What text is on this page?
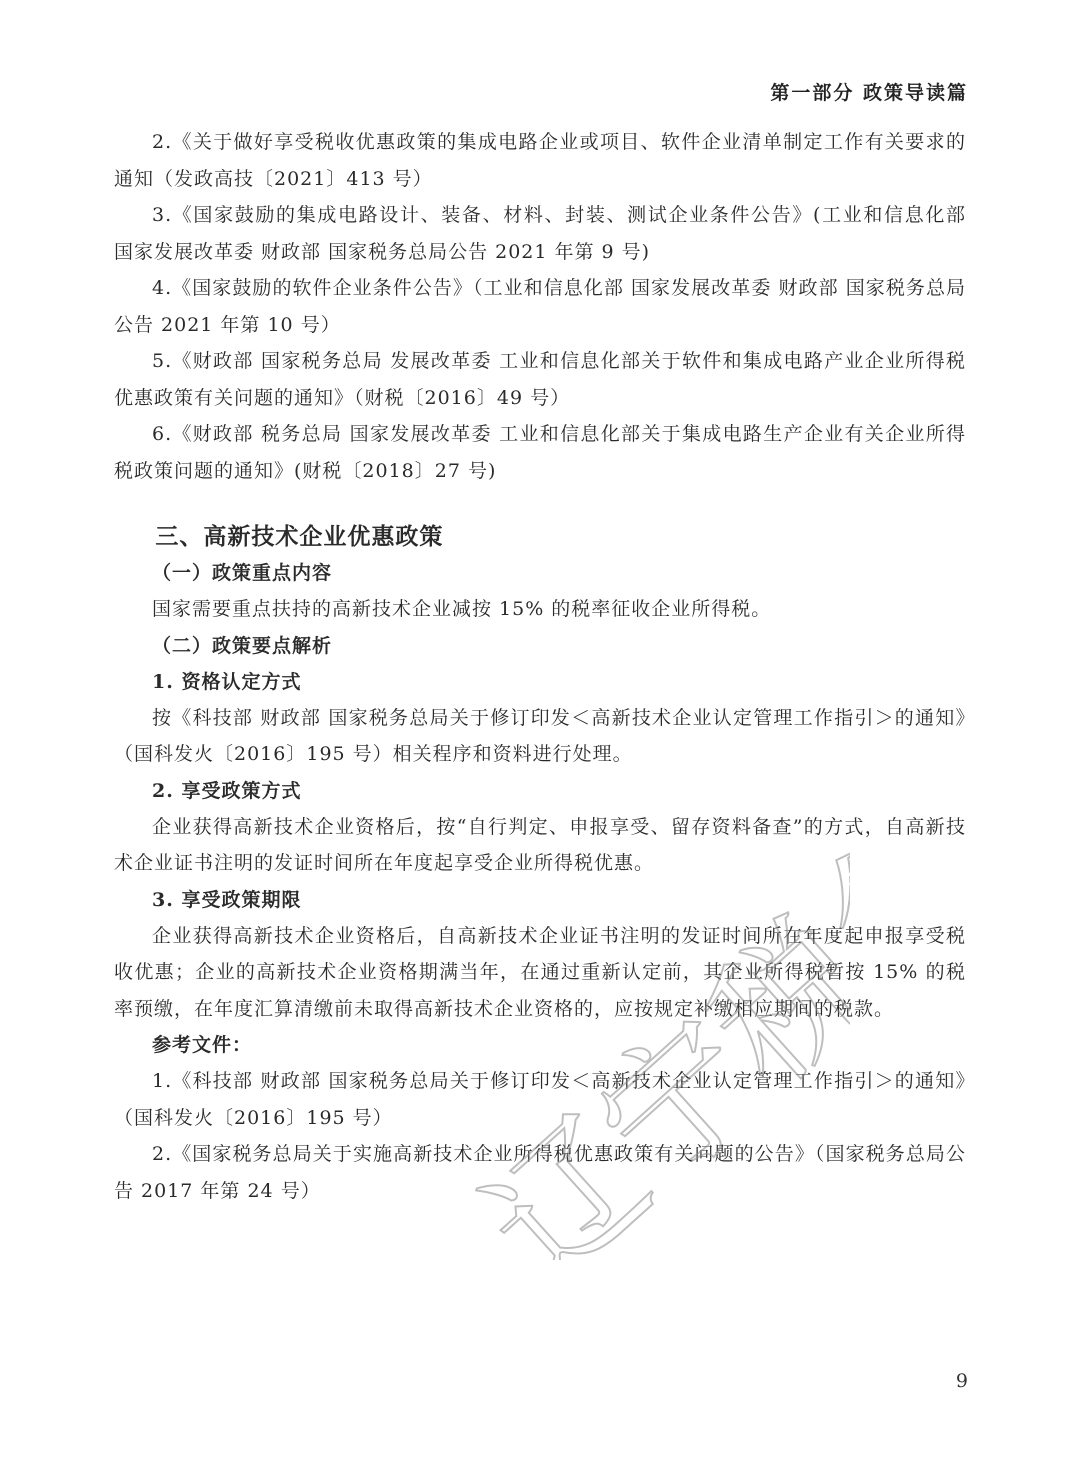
第一部分 政策导读篇

2.《关于做好享受税收优惠政策的集成电路企业或项目、软件企业清单制定工作有关要求的通知（发政高技〔2021〕413 号）

3.《国家鼓励的集成电路设计、装备、材料、封装、测试企业条件公告》(工业和信息化部 国家发展改革委 财政部 国家税务总局公告 2021 年第 9 号)

4.《国家鼓励的软件企业条件公告》（工业和信息化部 国家发展改革委 财政部 国家税务总局公告 2021 年第 10 号）

5.《财政部 国家税务总局 发展改革委 工业和信息化部关于软件和集成电路产业企业所得税优惠政策有关问题的通知》（财税〔2016〕49 号）

6.《财政部 税务总局 国家发展改革委 工业和信息化部关于集成电路生产企业有关企业所得税政策问题的通知》(财税〔2018〕27 号)

三、高新技术企业优惠政策

（一）政策重点内容

国家需要重点扶持的高新技术企业减按 15% 的税率征收企业所得税。

（二）政策要点解析

1. 资格认定方式

按《科技部 财政部 国家税务总局关于修订印发＜高新技术企业认定管理工作指引＞的通知》（国科发火〔2016〕195 号）相关程序和资料进行处理。

2. 享受政策方式

企业获得高新技术企业资格后，按“自行判定、申报享受、留存资料备查”的方式，自高新技术企业证书注明的发证时间所在年度起享受企业所得税优惠。

3. 享受政策期限

企业获得高新技术企业资格后，自高新技术企业证书注明的发证时间所在年度起申报享受税收优惠；企业的高新技术企业资格期满当年，在通过重新认定前，其企业所得税暂按 15% 的税率预缴，在年度汇算清缴前未取得高新技术企业资格的，应按规定补缴相应期间的税款。

参考文件：

1.《科技部 财政部 国家税务总局关于修订印发＜高新技术企业认定管理工作指引＞的通知》（国科发火〔2016〕195 号）

2.《国家税务总局关于实施高新技术企业所得税优惠政策有关问题的公告》（国家税务总局公告 2017 年第 24 号） 辽宁税务
9
